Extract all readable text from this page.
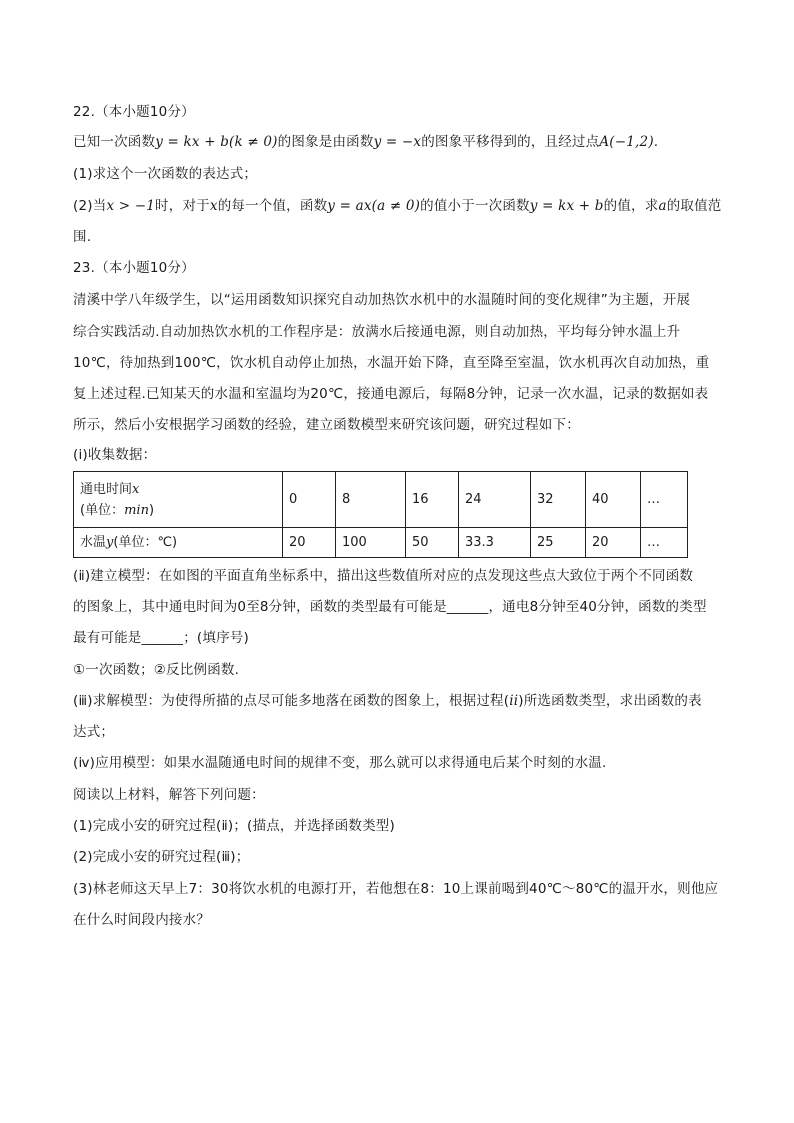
22.（本小题10分）
已知一次函数y = kx + b(k ≠ 0)的图象是由函数y = −x的图象平移得到的，且经过点A(−1,2).
(1)求这个一次函数的表达式；
(2)当x > −1时，对于x的每一个值，函数y = ax(a ≠ 0)的值小于一次函数y = kx + b的值，求a的取值范
围.
23.（本小题10分）
清溪中学八年级学生，以“运用函数知识探究自动加热饮水机中的水温随时间的变化规律”为主题，开展
综合实践活动.自动加热饮水机的工作程序是：放满水后接通电源，则自动加热，平均每分钟水温上升
10℃，待加热到100℃，饮水机自动停止加热，水温开始下降，直至降至室温，饮水机再次自动加热，重
复上述过程.已知某天的水温和室温均为20℃，接通电源后，每隔8分钟，记录一次水温，记录的数据如表
所示，然后小安根据学习函数的经验，建立函数模型来研究该问题，研究过程如下：
(ⅰ)收集数据：
通电时间x
(单位：min)	0	8	16	24	32	40	…
水温y(单位：℃)	20	100	50	33.3	25	20	…
(ⅱ)建立模型：在如图的平面直角坐标系中，描出这些数值所对应的点发现这些点大致位于两个不同函数
的图象上，其中通电时间为0至8分钟，函数的类型最有可能是______，通电8分钟至40分钟，函数的类型
最有可能是______；(填序号)
①一次函数；②反比例函数.
(ⅲ)求解模型：为使得所描的点尽可能多地落在函数的图象上，根据过程(ii)所选函数类型，求出函数的表
达式；
(ⅳ)应用模型：如果水温随通电时间的规律不变，那么就可以求得通电后某个时刻的水温.
阅读以上材料，解答下列问题：
(1)完成小安的研究过程(ⅱ)；(描点，并选择函数类型)
(2)完成小安的研究过程(ⅲ)；
(3)林老师这天早上7：30将饮水机的电源打开，若他想在8：10上课前喝到40℃～80℃的温开水，则他应
在什么时间段内接水？
